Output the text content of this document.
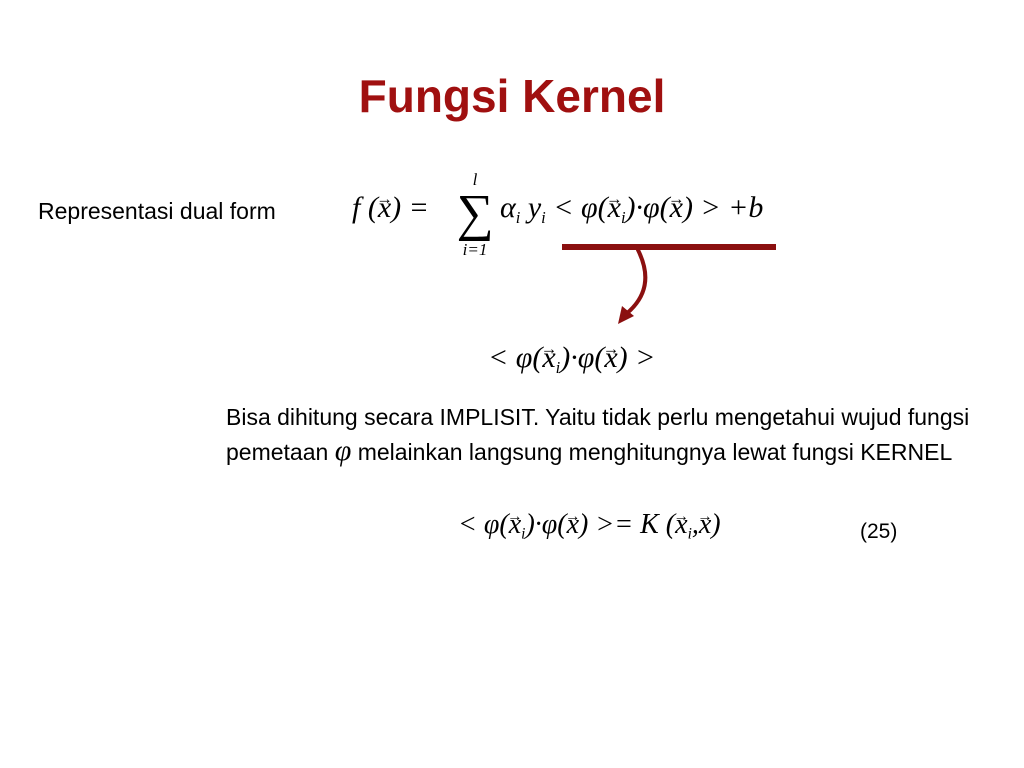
Fungsi Kernel
Representasi dual form	f (→ x) =
l
∑
i=1
$\alpha_i$ $y_i < \varphi(\to x_i)\cdot\varphi(\to x) > +b$
< $\varphi(\to x_i)\cdot\varphi(\to x)$ >
Bisa dihitung secara IMPLISIT. Yaitu tidak perlu mengetahui wujud fungsi pemetaan φ melainkan langsung menghitungnya lewat fungsi KERNEL
< $\varphi(\to x_i)\cdot\varphi(\to x) >= K$ (→ $x_i,\to x$)	(25)
